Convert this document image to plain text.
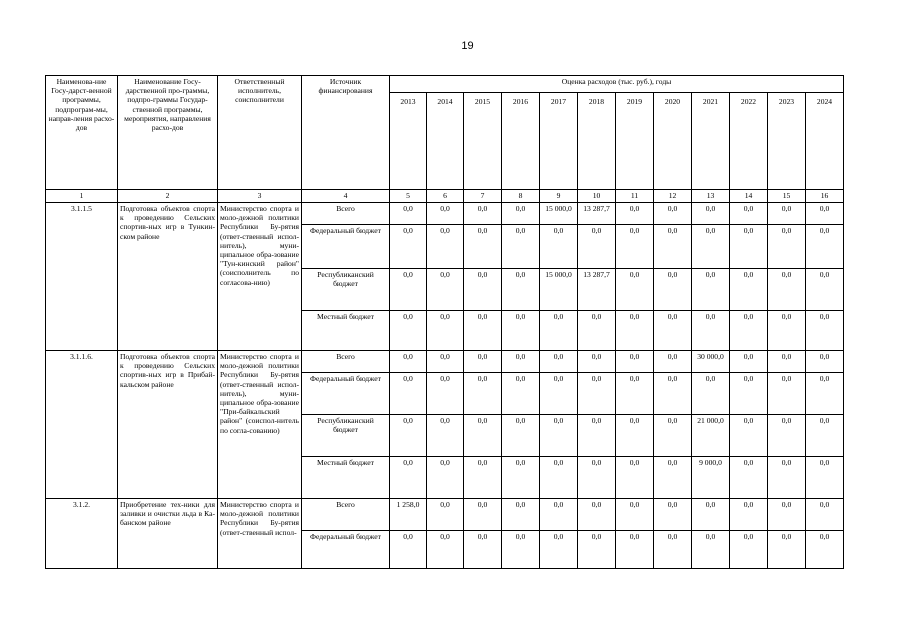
19
Наименова-ние Госу-дарст-венной программы, подпрограм-мы, направ-ления расхо-дов	Наименование Госу-дарственной про-граммы, подпро-граммы Государ-ственной программы, мероприятия, направления расхо-дов	Ответственный исполнитель, соисполнители	Источник финансирования	Оценка расходов (тыс. руб.), годы											
				2013	2014	2015	2016	2017	2018	2019	2020	2021	2022	2023	2024
1	2	3	4	5	6	7	8	9	10	11	12	13	14	15	16
3.1.1.5	Подготовка объектов спорта к проведению Сельских спортив-ных игр в Тункин-ском районе	Министерство спорта и моло-дежной политики Республики Бу-рятия (ответ-ственный испол-нитель), муни-ципальное обра-зование "Тун-кинский район" (соисполнитель по согласова-нию)	Всего	0,0	0,0	0,0	0,0	15 000,0	13 287,7	0,0	0,0	0,0	0,0	0,0	0,0
			Федеральный бюджет	0,0	0,0	0,0	0,0	0,0	0,0	0,0	0,0	0,0	0,0	0,0	0,0
			Республиканский бюджет	0,0	0,0	0,0	0,0	15 000,0	13 287,7	0,0	0,0	0,0	0,0	0,0	0,0
			Местный бюджет	0,0	0,0	0,0	0,0	0,0	0,0	0,0	0,0	0,0	0,0	0,0	0,0
3.1.1.6.	Подготовка объектов спорта к проведению Сельских спортив-ных игр в Прибай-кальском районе	Министерство спорта и моло-дежной политики Республики Бу-рятия (ответ-ственный испол-нитель), муни-ципальное обра-зование "При-байкальский район" (соиспол-нитель по согла-сованию)	Всего	0,0	0,0	0,0	0,0	0,0	0,0	0,0	0,0	30 000,0	0,0	0,0	0,0
			Федеральный бюджет	0,0	0,0	0,0	0,0	0,0	0,0	0,0	0,0	0,0	0,0	0,0	0,0
			Республиканский бюджет	0,0	0,0	0,0	0,0	0,0	0,0	0,0	0,0	21 000,0	0,0	0,0	0,0
			Местный бюджет	0,0	0,0	0,0	0,0	0,0	0,0	0,0	0,0	9 000,0	0,0	0,0	0,0
3.1.2.	Приобретение тех-ники для заливки и очистки льда в Ка-банском районе	Министерство спорта и моло-дежной политики Республики Бу-рятия (ответ-ственный испол-	Всего	1 258,0	0,0	0,0	0,0	0,0	0,0	0,0	0,0	0,0	0,0	0,0	0,0
			Федеральный бюджет	0,0	0,0	0,0	0,0	0,0	0,0	0,0	0,0	0,0	0,0	0,0	0,0
